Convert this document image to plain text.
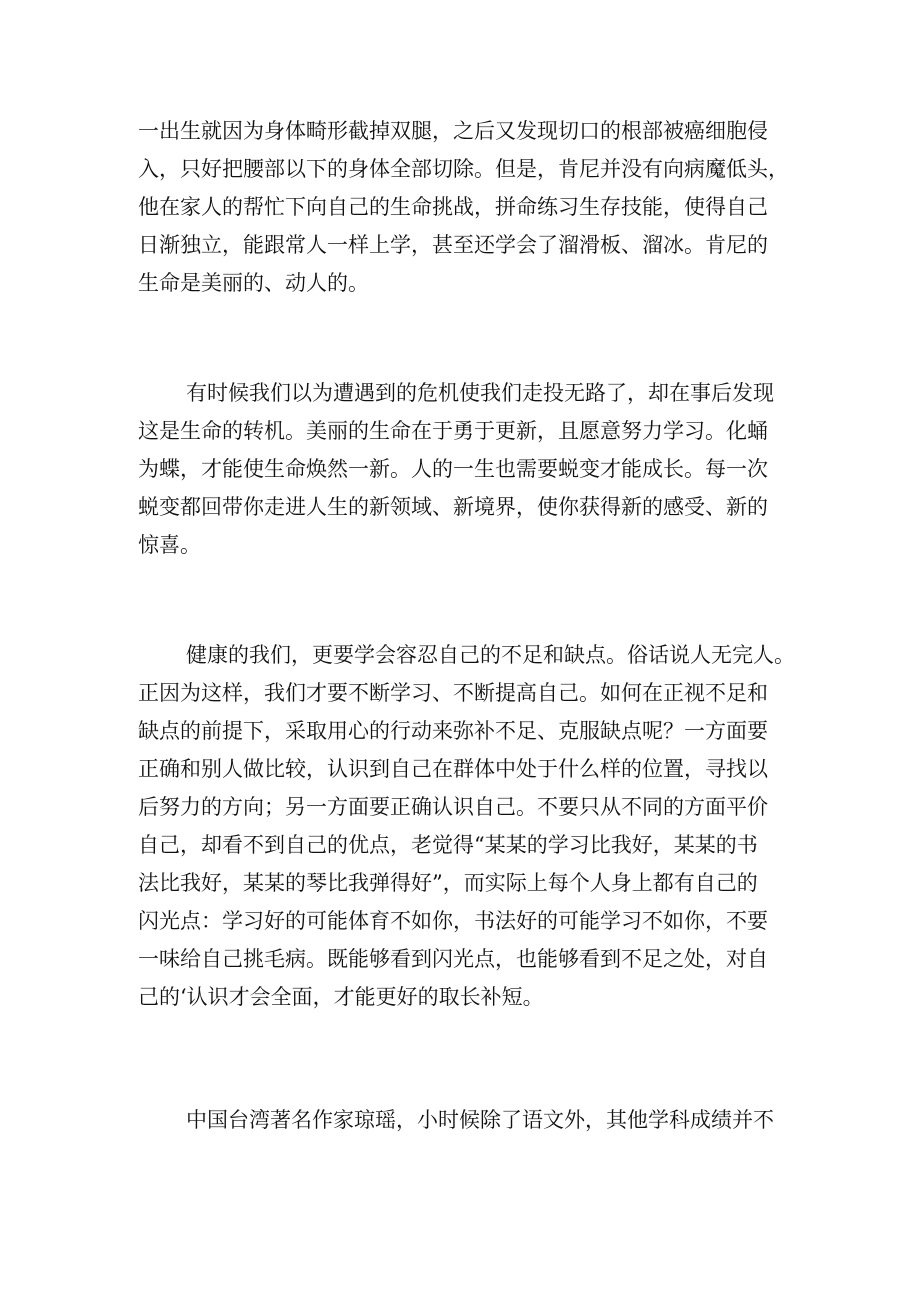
一出生就因为身体畸形截掉双腿，之后又发现切口的根部被癌细胞侵
入，只好把腰部以下的身体全部切除。但是，肯尼并没有向病魔低头，
他在家人的帮忙下向自己的生命挑战，拼命练习生存技能，使得自己
日渐独立，能跟常人一样上学，甚至还学会了溜滑板、溜冰。肯尼的
生命是美丽的、动人的。
有时候我们以为遭遇到的危机使我们走投无路了，却在事后发现
这是生命的转机。美丽的生命在于勇于更新，且愿意努力学习。化蛹
为蝶，才能使生命焕然一新。人的一生也需要蜕变才能成长。每一次
蜕变都回带你走进人生的新领域、新境界，使你获得新的感受、新的
惊喜。
健康的我们，更要学会容忍自己的不足和缺点。俗话说人无完人。
正因为这样，我们才要不断学习、不断提高自己。如何在正视不足和
缺点的前提下，采取用心的行动来弥补不足、克服缺点呢？一方面要
正确和别人做比较，认识到自己在群体中处于什么样的位置，寻找以
后努力的方向；另一方面要正确认识自己。不要只从不同的方面平价
自己，却看不到自己的优点，老觉得“某某的学习比我好，某某的书
法比我好，某某的琴比我弹得好”，而实际上每个人身上都有自己的
闪光点：学习好的可能体育不如你，书法好的可能学习不如你，不要
一味给自己挑毛病。既能够看到闪光点，也能够看到不足之处，对自
己的‘认识才会全面，才能更好的取长补短。
中国台湾著名作家琼瑶，小时候除了语文外，其他学科成绩并不
